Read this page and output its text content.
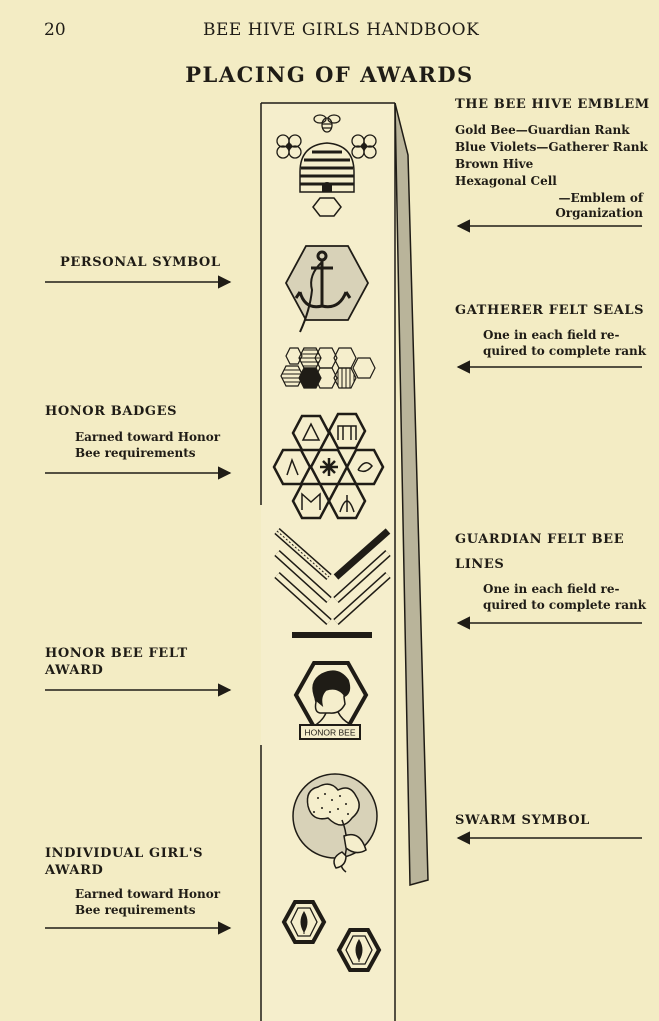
20	BEE HIVE GIRLS HANDBOOK
PLACING OF AWARDS
THE BEE HIVE EMBLEM
Gold Bee—Guardian Rank
Blue Violets—Gatherer Rank
Brown Hive
Hexagonal Cell
—Emblem of
Organization
PERSONAL SYMBOL
GATHERER FELT SEALS
One in each field re-
quired to complete rank
HONOR BADGES
Earned toward Honor
Bee requirements
GUARDIAN FELT BEE
LINES
One in each field re-
quired to complete rank
HONOR BEE FELT
AWARD
SWARM SYMBOL
INDIVIDUAL GIRL'S
AWARD
Earned toward Honor
Bee requirements
HONOR BEE
